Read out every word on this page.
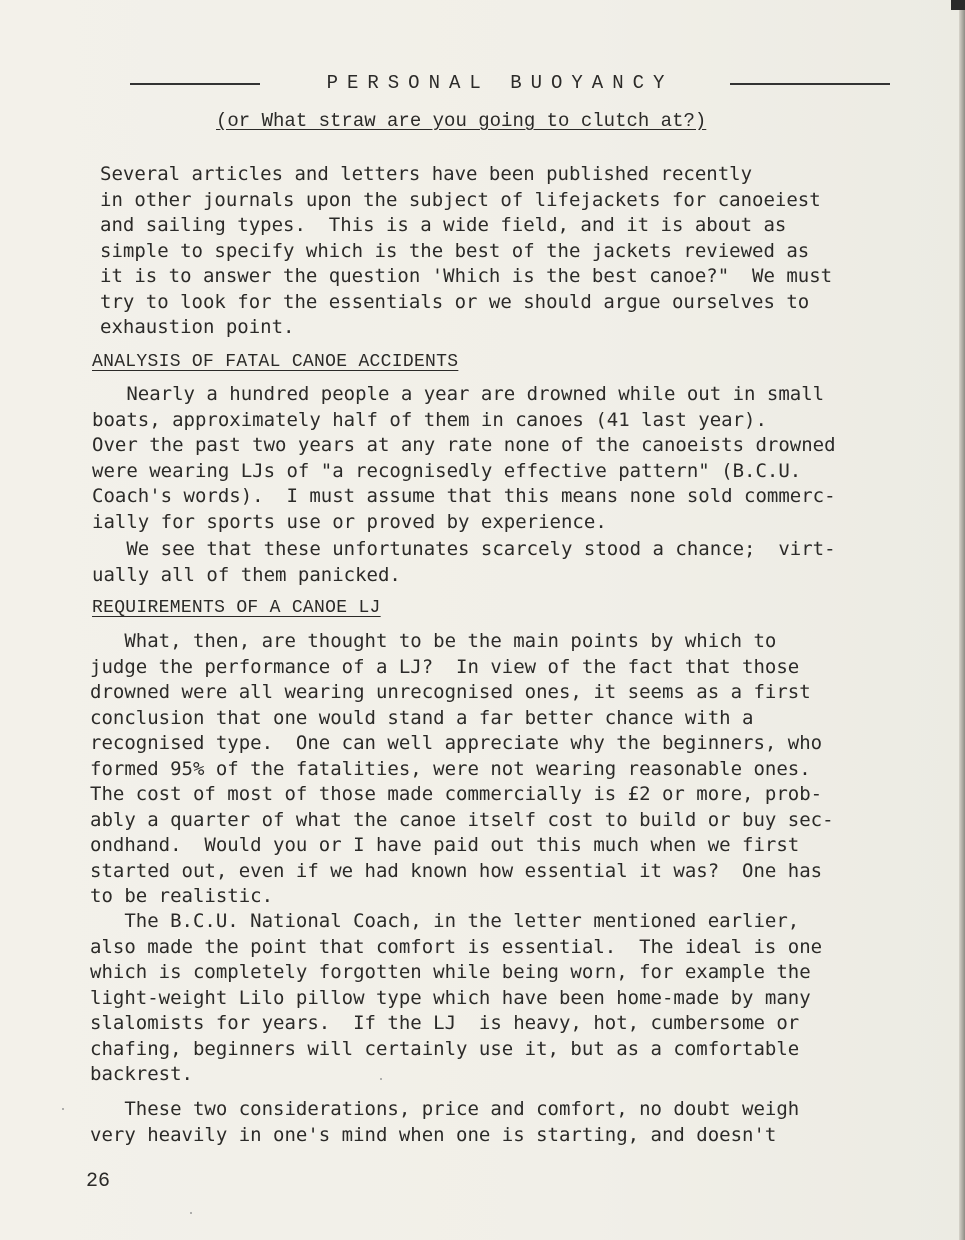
PERSONAL BUOYANCY
(or What straw are you going to clutch at?)
Several articles and letters have been published recently
in other journals upon the subject of lifejackets for canoeiest
and sailing types.  This is a wide field, and it is about as
simple to specify which is the best of the jackets reviewed as
it is to answer the question 'Which is the best canoe?"  We must
try to look for the essentials or we should argue ourselves to
exhaustion point.
ANALYSIS OF FATAL CANOE ACCIDENTS
Nearly a hundred people a year are drowned while out in small
boats, approximately half of them in canoes (41 last year).
Over the past two years at any rate none of the canoeists drowned
were wearing LJs of "a recognisedly effective pattern" (B.C.U.
Coach's words).  I must assume that this means none sold commerc-
ially for sports use or proved by experience.
We see that these unfortunates scarcely stood a chance;  virt-
ually all of them panicked.
REQUIREMENTS OF A CANOE LJ
What, then, are thought to be the main points by which to
judge the performance of a LJ?  In view of the fact that those
drowned were all wearing unrecognised ones, it seems as a first
conclusion that one would stand a far better chance with a
recognised type.  One can well appreciate why the beginners, who
formed 95% of the fatalities, were not wearing reasonable ones.
The cost of most of those made commercially is £2 or more, prob-
ably a quarter of what the canoe itself cost to build or buy sec-
ondhand.  Would you or I have paid out this much when we first
started out, even if we had known how essential it was?  One has
to be realistic.
The B.C.U. National Coach, in the letter mentioned earlier,
also made the point that comfort is essential.  The ideal is one
which is completely forgotten while being worn, for example the
light-weight Lilo pillow type which have been home-made by many
slalomists for years.  If the LJ  is heavy, hot, cumbersome or
chafing, beginners will certainly use it, but as a comfortable
backrest.
These two considerations, price and comfort, no doubt weigh
very heavily in one's mind when one is starting, and doesn't
26
